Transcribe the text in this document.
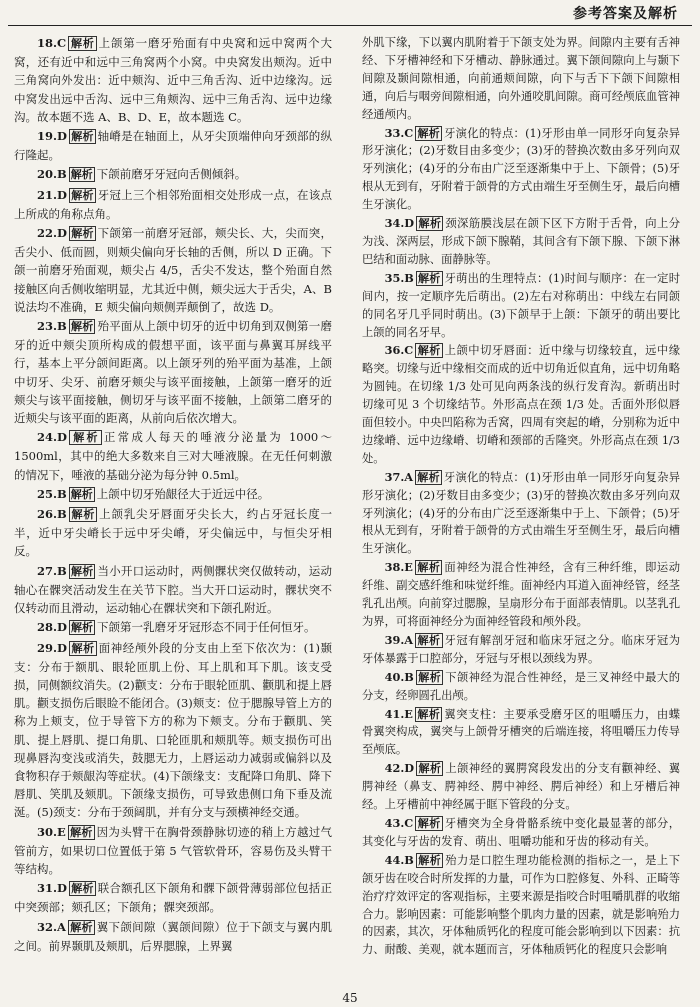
参考答案及解析

18.C 解析 上颌第一磨牙殆面有中央窝和远中窝两个大窝，还有近中和远中三角窝两个小窝。中央窝发出颊沟。近中三角窝向外发出：近中颊沟、近中三角舌沟、近中边缘沟。远中窝发出远中舌沟、远中三角颊沟、远中三角舌沟、远中边缘沟。故本题不选 A、B、D、E，故本题选 C。

19.D 解析 轴嵴是在轴面上，从牙尖顶端伸向牙颈部的纵行隆起。

20.B 解析 下颌前磨牙牙冠向舌侧倾斜。

21.D 解析 牙冠上三个相邻殆面相交处形成一点，在该点上所成的角称点角。

22.D 解析 下颌第一前磨牙冠部，颊尖长、大，尖而突，舌尖小、低而圆，则颊尖偏向牙长轴的舌侧，所以 D 正确。下颌一前磨牙殆面观，颊尖占 4/5，舌尖不发达，整个殆面自然接触区向舌侧收缩明显，尤其近中侧，颊尖远大于舌尖，A、B 说法均不准确，E 颊尖偏向颊侧弄颠倒了，故选 D。

23.B 解析 殆平面从上颌中切牙的近中切角到双侧第一磨牙的近中颊尖顶所构成的假想平面，该平面与鼻翼耳屏线平行，基本上平分颌间距离。以上颌牙列的殆平面为基准，上颌中切牙、尖牙、前磨牙颊尖与该平面接触，上颌第一磨牙的近颊尖与该平面接触，侧切牙与该平面不接触，上颌第二磨牙的近颊尖与该平面的距离，从前向后依次增大。

24.D 解析 正常成人每天的唾液分泌量为 1000～1500ml，其中的绝大多数来自三对大唾液腺。在无任何刺激的情况下，唾液的基础分泌为每分钟 0.5ml。

25.B 解析 上颌中切牙殆龈径大于近远中径。

26.B 解析 上颌乳尖牙唇面牙尖长大，约占牙冠长度一半，近中牙尖嵴长于远中牙尖嵴，牙尖偏远中，与恒尖牙相反。

27.B 解析 当小开口运动时，两侧髁状突仅做转动，运动轴心在髁突活动发生在关节下腔。当大开口运动时，髁状突不仅转动而且滑动，运动轴心在髁状突和下颌孔附近。

28.D 解析 下颌第一乳磨牙牙冠形态不同于任何恒牙。

29.D 解析 面神经颅外段的分支由上至下依次为：(1)颞支：分布于额肌、眼轮匝肌上份、耳上肌和耳下肌。该支受损，同侧额纹消失。(2)颧支：分布于眼轮匝肌、颧肌和提上唇肌。颧支损伤后眼睑不能闭合。(3)颊支：位于腮腺导管上方的称为上颊支，位于导管下方的称为下颊支。分布于颧肌、笑肌、提上唇肌、提口角肌、口轮匝肌和颊肌等。颊支损伤可出现鼻唇沟变浅或消失，鼓腮无力，上唇运动力减弱或偏斜以及食物积存于颊龈沟等症状。(4)下颌缘支：支配降口角肌、降下唇肌、笑肌及颏肌。下颌缘支损伤，可导致患侧口角下垂及流涎。(5)颈支：分布于颈阔肌，并有分支与颈横神经交通。

30.E 解析 因为头臂干在胸骨颈静脉切迹的稍上方越过气管前方，如果切口位置低于第 5 气管软骨环，容易伤及头臂干等结构。

31.D 解析 联合额孔区下颌角和髁下颌骨薄弱部位包括正中突颈部；颏孔区；下颌角；髁突颈部。

32.A 解析 翼下颌间隙（翼颌间隙）位于下颌支与翼内肌之间。前界颞肌及颊肌，后界腮腺，上界翼

外肌下缘，下以翼内肌附着于下颌支处为界。间隙内主要有舌神经、下牙槽神经和下牙槽动、静脉通过。翼下颌间隙向上与颞下间隙及颞间隙相通，向前通颊间隙，向下与舌下下颌下间隙相通，向后与咽旁间隙相通，向外通咬肌间隙。商可经颅底血管神经通颅内。

33.C 解析 牙演化的特点：(1)牙形由单一同形牙向复杂异形牙演化；(2)牙数目由多变少；(3)牙的替换次数由多牙列向双牙列演化；(4)牙的分布由广泛至逐渐集中于上、下颌骨；(5)牙根从无到有，牙附着于颌骨的方式由端生牙至侧生牙，最后向槽生牙演化。

34.D 解析 颈深筋膜浅层在颌下区下方附于舌骨，向上分为浅、深两层，形成下颌下腺鞘，其间含有下颌下腺、下颌下淋巴结和面动脉、面静脉等。

35.B 解析 牙萌出的生理特点：(1)时间与顺序：在一定时间内，按一定顺序先后萌出。(2)左右对称萌出：中线左右同颌的同名牙几乎同时萌出。(3)下颌早于上颌：下颌牙的萌出要比上颌的同名牙早。

36.C 解析 上颌中切牙唇面：近中缘与切缘较直，远中缘略突。切缘与近中缘相交而成的近中切角近似直角，远中切角略为圆钝。在切缘 1/3 处可见向两条浅的纵行发育沟。新萌出时切缘可见 3 个切缘结节。外形高点在颈 1/3 处。舌面外形似唇面但较小。中央凹陷称为舌窝，四周有突起的嵴，分别称为近中边缘嵴、远中边缘嵴、切嵴和颈部的舌隆突。外形高点在颈 1/3 处。

37.A 解析 牙演化的特点：(1)牙形由单一同形牙向复杂异形牙演化；(2)牙数目由多变少；(3)牙的替换次数由多牙列向双牙列演化；(4)牙的分布由广泛至逐渐集中于上、下颌骨；(5)牙根从无到有，牙附着于颌骨的方式由端生牙至侧生牙，最后向槽生牙演化。

38.E 解析 面神经为混合性神经，含有三种纤维，即运动纤维、副交感纤维和味觉纤维。面神经内耳道入面神经管，经茎乳孔出颅。向前穿过腮腺，呈扇形分布于面部表情肌。以茎乳孔为界，可将面神经分为面神经管段和颅外段。

39.A 解析 牙冠有解剖牙冠和临床牙冠之分。临床牙冠为牙体暴露于口腔部分，牙冠与牙根以颈线为界。

40.B 解析 下颌神经为混合性神经，是三叉神经中最大的分支，经卵圆孔出颅。

41.E 解析 翼突支柱：主要承受磨牙区的咀嚼压力，由蝶骨翼突构成，翼突与上颌骨牙槽突的后端连接，将咀嚼压力传导至颅底。

42.D 解析 上颌神经的翼腭窝段发出的分支有颧神经、翼腭神经（鼻支、腭神经、腭中神经、腭后神经）和上牙槽后神经。上牙槽前中神经属于眶下管段的分支。

43.C 解析 牙槽突为全身骨骼系统中变化最显著的部分，其变化与牙齿的发育、萌出、咀嚼功能和牙齿的移动有关。

44.B 解析 殆力是口腔生理功能检测的指标之一，是上下颌牙齿在咬合时所发挥的力量，可作为口腔修复、外科、正畸等治疗疗效评定的客观指标，主要来源是指咬合时咀嚼肌群的收缩合力。影响因素：可能影响整个肌肉力量的因素，就是影响殆力的因素，其次，牙体釉质钙化的程度可能会影响到以下因素：抗力、耐酸、美观，就本题而言，牙体釉质钙化的程度只会影响

45
